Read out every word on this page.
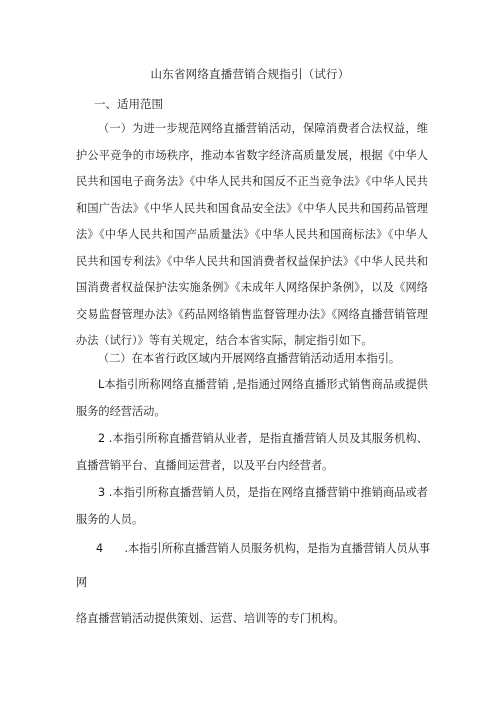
山东省网络直播营销合规指引（试行）
一、适用范围
（一）为进一步规范网络直播营销活动，保障消费者合法权益，维护公平竞争的市场秩序，推动本省数字经济高质量发展，根据《中华人民共和国电子商务法》《中华人民共和国反不正当竞争法》《中华人民共和国广告法》《中华人民共和国食品安全法》《中华人民共和国药品管理法》《中华人民共和国产品质量法》《中华人民共和国商标法》《中华人民共和国专利法》《中华人民共和国消费者权益保护法》《中华人民共和国消费者权益保护法实施条例》《未成年人网络保护条例》，以及《网络交易监督管理办法》《药品网络销售监督管理办法》《网络直播营销管理办法（试行）》等有关规定，结合本省实际，制定指引如下。
（二）在本省行政区域内开展网络直播营销活动适用本指引。
L本指引所称网络直播营销 ,是指通过网络直播形式销售商品或提供服务的经营活动。
2 .本指引所称直播营销从业者，是指直播营销人员及其服务机构、直播营销平台、直播间运营者，以及平台内经营者。
3 .本指引所称直播营销人员，是指在网络直播营销中推销商品或者服务的人员。
4      .本指引所称直播营销人员服务机构，是指为直播营销人员从事
网
络直播营销活动提供策划、运营、培训等的专门机构。
